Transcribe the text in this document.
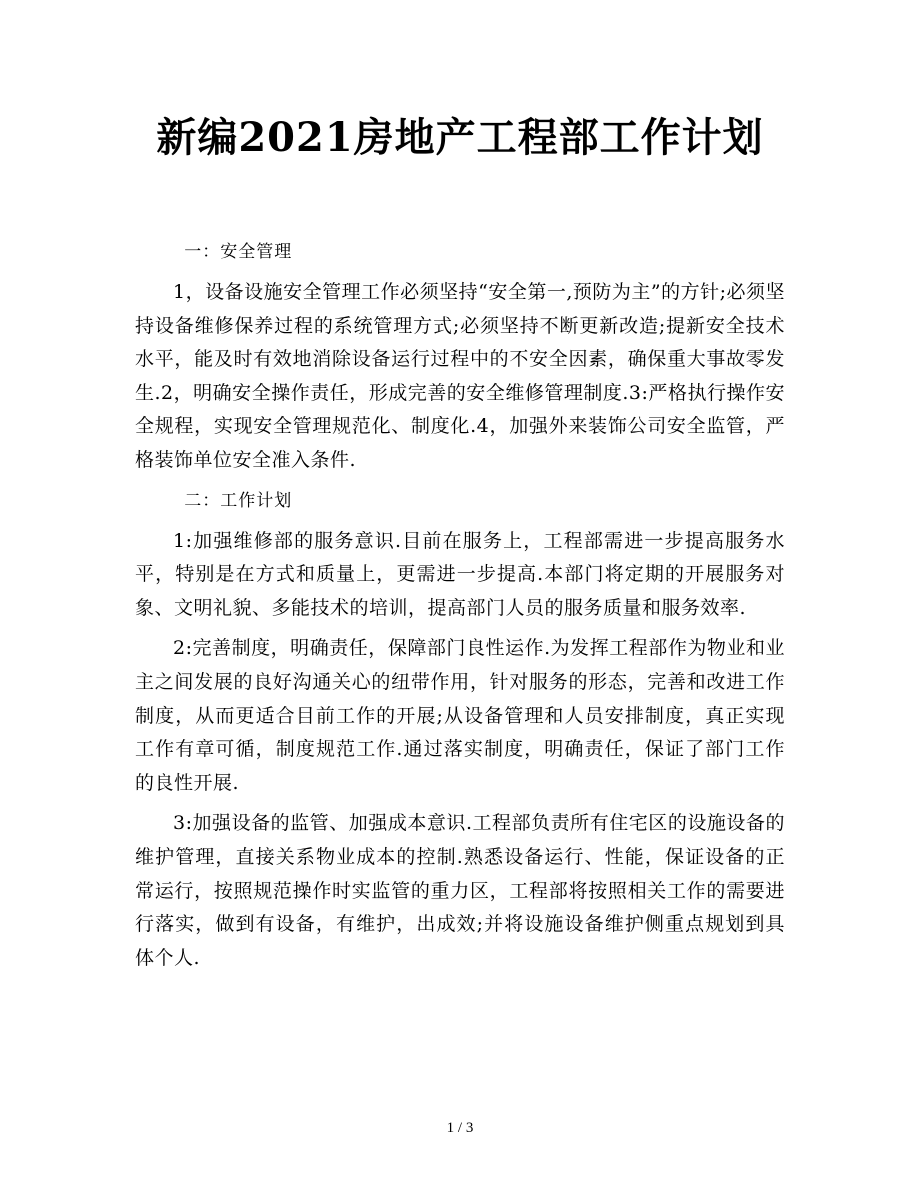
新编2021房地产工程部工作计划

一：安全管理

1，设备设施安全管理工作必须坚持“安全第一,预防为主”的方针;必须坚持设备维修保养过程的系统管理方式;必须坚持不断更新改造;提新安全技术水平，能及时有效地消除设备运行过程中的不安全因素，确保重大事故零发生.2，明确安全操作责任，形成完善的安全维修管理制度.3:严格执行操作安全规程，实现安全管理规范化、制度化.4，加强外来装饰公司安全监管，严格装饰单位安全准入条件.

二：工作计划

1:加强维修部的服务意识.目前在服务上，工程部需进一步提高服务水平，特别是在方式和质量上，更需进一步提高.本部门将定期的开展服务对象、文明礼貌、多能技术的培训，提高部门人员的服务质量和服务效率.

2:完善制度，明确责任，保障部门良性运作.为发挥工程部作为物业和业主之间发展的良好沟通关心的纽带作用，针对服务的形态，完善和改进工作制度，从而更适合目前工作的开展;从设备管理和人员安排制度，真正实现工作有章可循，制度规范工作.通过落实制度，明确责任，保证了部门工作的良性开展.

3:加强设备的监管、加强成本意识.工程部负责所有住宅区的设施设备的维护管理，直接关系物业成本的控制.熟悉设备运行、性能，保证设备的正常运行，按照规范操作时实监管的重力区，工程部将按照相关工作的需要进行落实，做到有设备，有维护，出成效;并将设施设备维护侧重点规划到具体个人.

1 / 3
